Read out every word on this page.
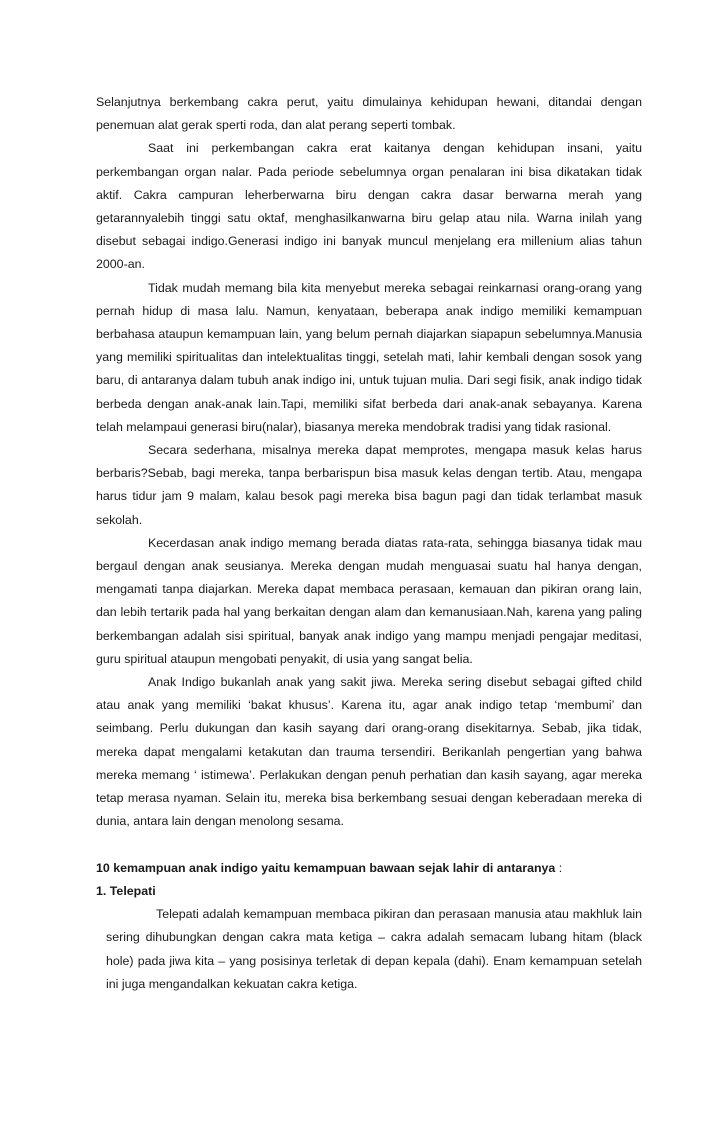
Selanjutnya berkembang cakra perut, yaitu dimulainya kehidupan hewani, ditandai dengan penemuan alat gerak sperti roda, dan alat perang seperti tombak.

Saat ini perkembangan cakra erat kaitanya dengan kehidupan insani, yaitu perkembangan organ nalar. Pada periode sebelumnya organ penalaran ini bisa dikatakan tidak aktif. Cakra campuran leherberwarna biru dengan cakra dasar berwarna merah yang getarannyalebih tinggi satu oktaf, menghasilkanwarna biru gelap atau nila. Warna inilah yang disebut sebagai indigo.Generasi indigo ini banyak muncul menjelang era millenium alias tahun 2000-an.

Tidak mudah memang bila kita menyebut mereka sebagai reinkarnasi orang-orang yang pernah hidup di masa lalu. Namun, kenyataan, beberapa anak indigo memiliki kemampuan berbahasa ataupun kemampuan lain, yang belum pernah diajarkan siapapun sebelumnya.Manusia yang memiliki spiritualitas dan intelektualitas tinggi, setelah mati, lahir kembali dengan sosok yang baru, di antaranya dalam tubuh anak indigo ini, untuk tujuan mulia. Dari segi fisik, anak indigo tidak berbeda dengan anak-anak lain.Tapi, memiliki sifat berbeda dari anak-anak sebayanya. Karena telah melampaui generasi biru(nalar), biasanya mereka mendobrak tradisi yang tidak rasional.

Secara sederhana, misalnya mereka dapat memprotes, mengapa masuk kelas harus berbaris?Sebab, bagi mereka, tanpa berbarispun bisa masuk kelas dengan tertib. Atau, mengapa harus tidur jam 9 malam, kalau besok pagi mereka bisa bagun pagi dan tidak terlambat masuk sekolah.

Kecerdasan anak indigo memang berada diatas rata-rata, sehingga biasanya tidak mau bergaul dengan anak seusianya. Mereka dengan mudah menguasai suatu hal hanya dengan, mengamati tanpa diajarkan. Mereka dapat membaca perasaan, kemauan dan pikiran orang lain, dan lebih tertarik pada hal yang berkaitan dengan alam dan kemanusiaan.Nah, karena yang paling berkembangan adalah sisi spiritual, banyak anak indigo yang mampu menjadi pengajar meditasi, guru spiritual ataupun mengobati penyakit, di usia yang sangat belia.

Anak Indigo bukanlah anak yang sakit jiwa. Mereka sering disebut sebagai gifted child atau anak yang memiliki ‘bakat khusus’. Karena itu, agar anak indigo tetap ‘membumi’ dan seimbang. Perlu dukungan dan kasih sayang dari orang-orang disekitarnya. Sebab, jika tidak, mereka dapat mengalami ketakutan dan trauma tersendiri. Berikanlah pengertian yang bahwa mereka memang ‘ istimewa’. Perlakukan dengan penuh perhatian dan kasih sayang, agar mereka tetap merasa nyaman. Selain itu, mereka bisa berkembang sesuai dengan keberadaan mereka di dunia, antara lain dengan menolong sesama.

10 kemampuan anak indigo yaitu kemampuan bawaan sejak lahir di antaranya :

1. Telepati

Telepati adalah kemampuan membaca pikiran dan perasaan manusia atau makhluk lain sering dihubungkan dengan cakra mata ketiga – cakra adalah semacam lubang hitam (black hole) pada jiwa kita – yang posisinya terletak di depan kepala (dahi). Enam kemampuan setelah ini juga mengandalkan kekuatan cakra ketiga.
